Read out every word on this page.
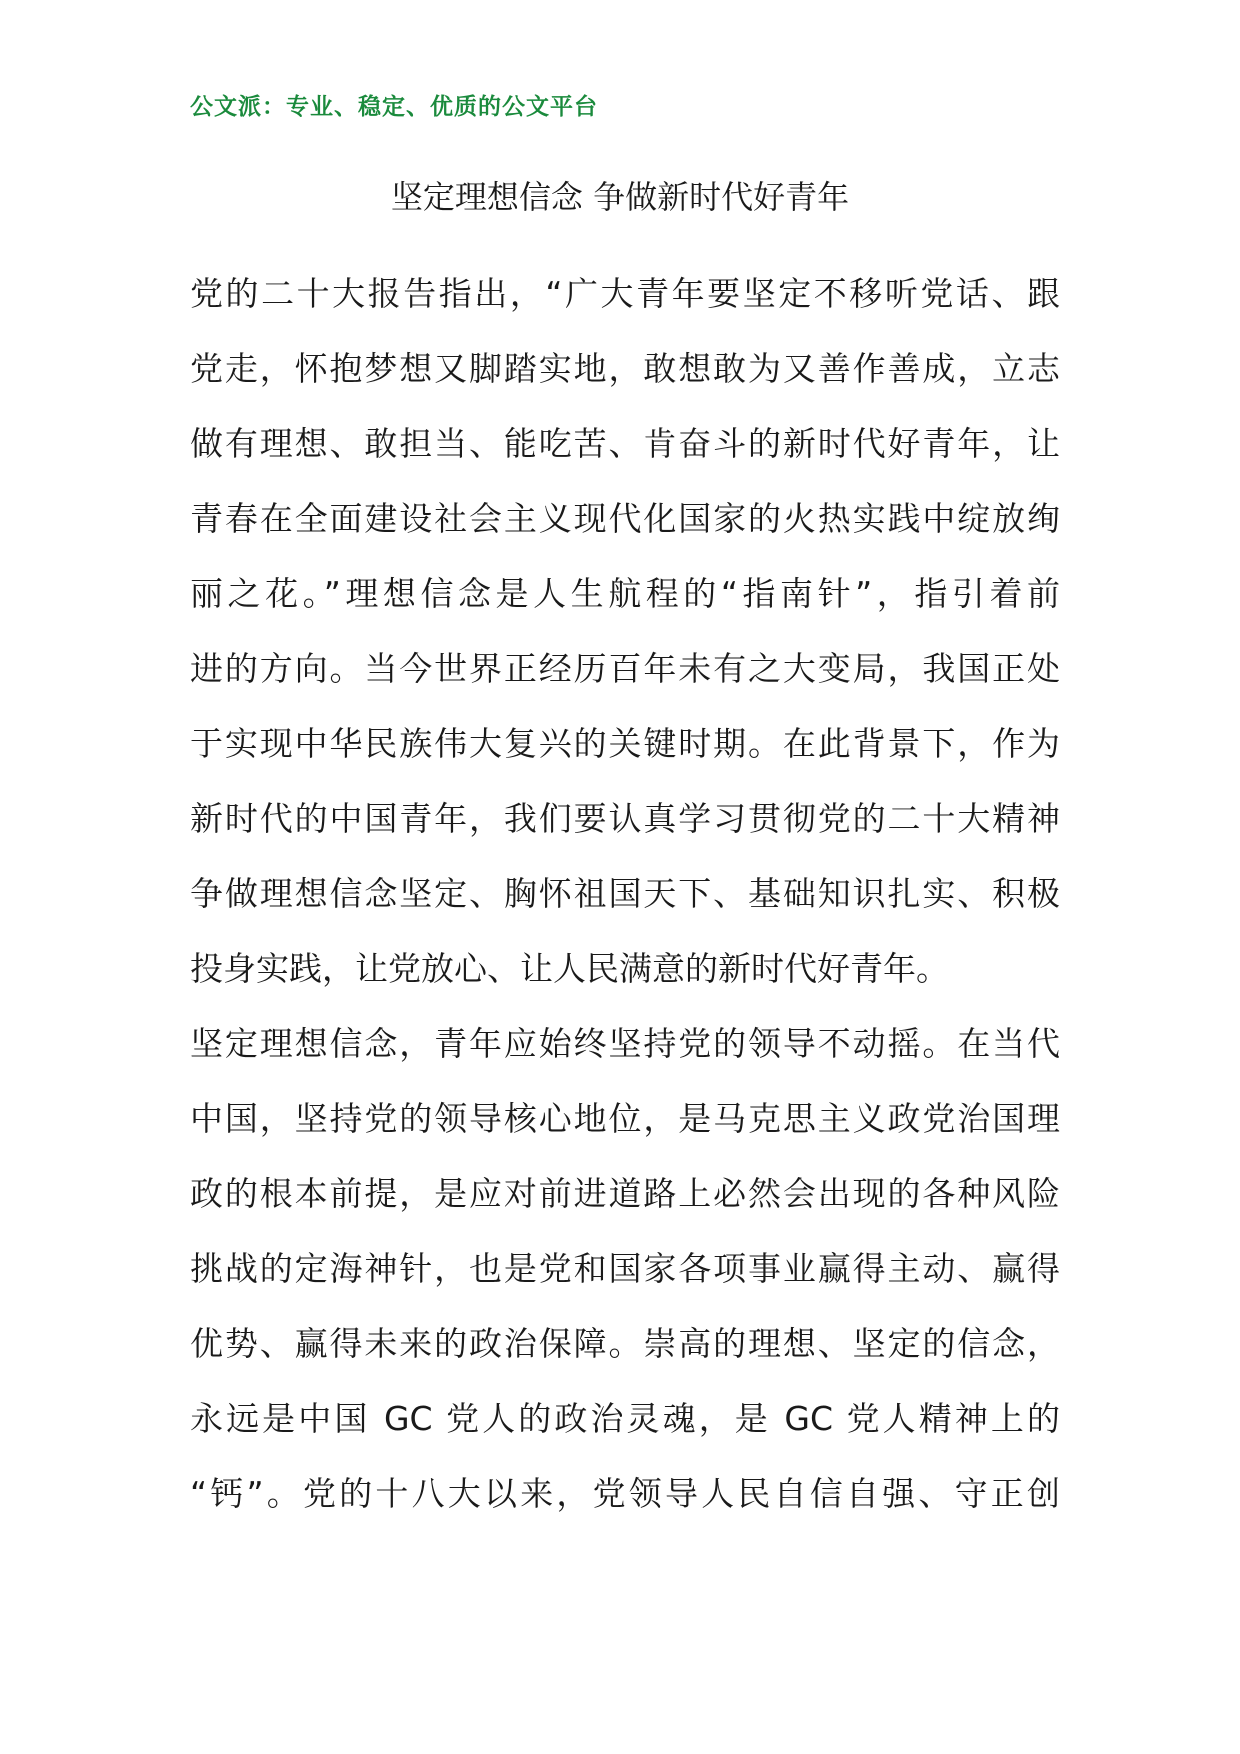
公文派：专业、稳定、优质的公文平台
坚定理想信念 争做新时代好青年
党的二十大报告指出，“广大青年要坚定不移听党话、跟
党走，怀抱梦想又脚踏实地，敢想敢为又善作善成，立志
做有理想、敢担当、能吃苦、肯奋斗的新时代好青年，让
青春在全面建设社会主义现代化国家的火热实践中绽放绚
丽之花。”理想信念是人生航程的“指南针”，指引着前
进的方向。当今世界正经历百年未有之大变局，我国正处
于实现中华民族伟大复兴的关键时期。在此背景下，作为
新时代的中国青年，我们要认真学习贯彻党的二十大精神
争做理想信念坚定、胸怀祖国天下、基础知识扎实、积极
投身实践，让党放心、让人民满意的新时代好青年。
坚定理想信念，青年应始终坚持党的领导不动摇。在当代
中国，坚持党的领导核心地位，是马克思主义政党治国理
政的根本前提，是应对前进道路上必然会出现的各种风险
挑战的定海神针，也是党和国家各项事业赢得主动、赢得
优势、赢得未来的政治保障。崇高的理想、坚定的信念，
永远是中国 GC 党人的政治灵魂，是 GC 党人精神上的
“钙”。党的十八大以来，党领导人民自信自强、守正创
